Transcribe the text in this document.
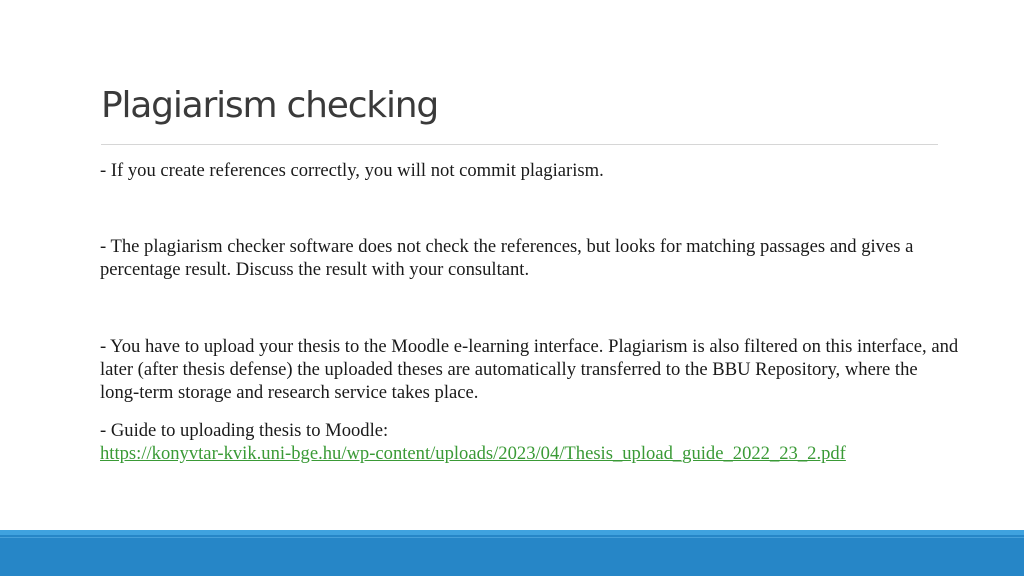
Plagiarism checking

- If you create references correctly, you will not commit plagiarism.

- The plagiarism checker software does not check the references, but looks for matching passages and gives a percentage result. Discuss the result with your consultant.

- You have to upload your thesis to the Moodle e-learning interface. Plagiarism is also filtered on this interface, and later (after thesis defense) the uploaded theses are automatically transferred to the BBU Repository, where the long-term storage and research service takes place.

- Guide to uploading thesis to Moodle:
https://konyvtar-kvik.uni-bge.hu/wp-content/uploads/2023/04/Thesis_upload_guide_2022_23_2.pdf
